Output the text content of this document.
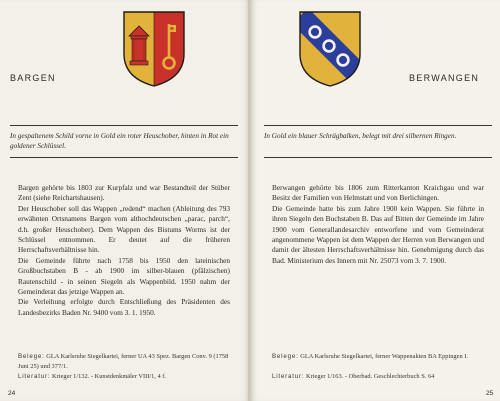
BARGEN

In gespaltenem Schild vorne in Gold ein roter Heuschober, hinten in Rot ein goldener Schlüssel.

Bargen gehörte bis 1803 zur Kurpfalz und war Bestandteil der Stüber Zent (siehe Reichartshausen).
Der Heuschober soll das Wappen „redend“ machen (Ableitung des 793 erwähnten Ortsnamens Bargen vom althochdeutschen „parac, parch“, d.h. großer Heuschober). Dem Wappen des Bistums Worms ist der Schlüssel entnommen. Er deutet auf die früheren Herrschaftsverhältnisse hin.
Die Gemeinde führte nach 1758 bis 1950 den lateinischen Großbuchstaben B - ab 1900 im silber-blauen (pfälzischen) Rautenschild - in seinen Siegeln als Wappenbild. 1950 nahm der Gemeinderat das jetzige Wappen an.
Die Verleihung erfolgte durch Entschließung des Präsidenten des Landesbezirks Baden Nr. 9400 vom 3. 1. 1950.

Belege: GLA Karlsruhe Siegelkartei, ferner UA 43 Spez. Bargen Conv. 9 (1758 Juni 25) und 377/1.

Literatur: Krieger 1/132. - Kunstdenkmäler VIII/1, 4 f.

24
BERWANGEN

In Gold ein blauer Schrägbalken, belegt mit drei silbernen Ringen.

Berwangen gehörte bis 1806 zum Ritterkanton Kraichgau und war Besitz der Familien von Helmstatt und von Berlichingen.
Die Gemeinde hatte bis zum Jahre 1900 kein Wappen. Sie führte in ihren Siegeln den Buchstaben B. Das auf Bitten der Gemeinde im Jahre 1900 vom Generallandesarchiv entworfene und vom Gemeinderat angenommene Wappen ist dem Wappen der Herren von Berwangen und damit der ältesten Herrschaftsverhältnisse hin. Genehmigung durch das Bad. Ministerium des Innern mit Nr. 25073 vom 3. 7. 1900.

Belege: GLA Karlsruhe Siegelkartei, ferner Wappenakten BA Eppingen I.

Literatur: Krieger 1/163. - Oberbad. Geschlechterbuch S. 64

25
